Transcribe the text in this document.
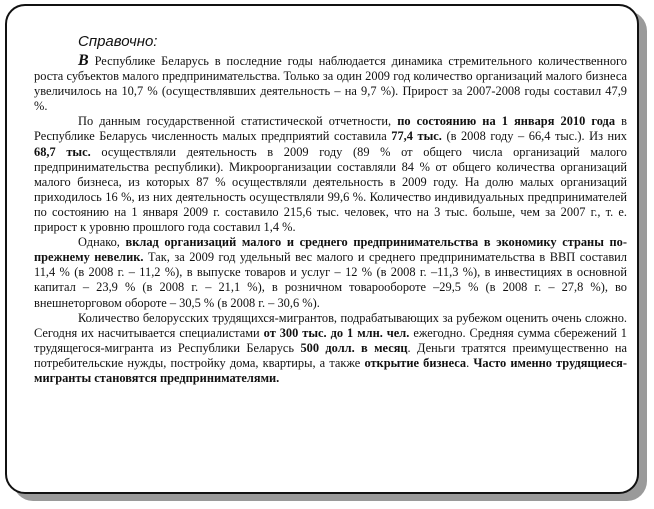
Справочно:

В Республике Беларусь в последние годы наблюдается динамика стремительного количественного роста субъектов малого предпринимательства. Только за один 2009 год количество организаций малого бизнеса увеличилось на 10,7 % (осуществлявших деятельность – на 9,7 %). Прирост за 2007-2008 годы составил 47,9 %.

По данным государственной статистической отчетности, по состоянию на 1 января 2010 года в Республике Беларусь численность малых предприятий составила 77,4 тыс. (в 2008 году – 66,4 тыс.). Из них 68,7 тыс. осуществляли деятельность в 2009 году (89 % от общего числа организаций малого предпринимательства республики). Микроорганизации составляли 84 % от общего количества организаций малого бизнеса, из которых 87 % осуществляли деятельность в 2009 году. На долю малых организаций приходилось 16 %, из них деятельность осуществляли 99,6 %. Количество индивидуальных предпринимателей по состоянию на 1 января 2009 г. составило 215,6 тыс. человек, что на 3 тыс. больше, чем за 2007 г., т. е. прирост к уровню прошлого года составил 1,4 %.

Однако, вклад организаций малого и среднего предпринимательства в экономику страны по-прежнему невелик. Так, за 2009 год удельный вес малого и среднего предпринимательства в ВВП составил 11,4 % (в 2008 г. – 11,2 %), в выпуске товаров и услуг – 12 % (в 2008 г. –11,3 %), в инвестициях в основной капитал – 23,9 % (в 2008 г. – 21,1 %), в розничном товарообороте –29,5 % (в 2008 г. – 27,8 %), во внешнеторговом обороте – 30,5 % (в 2008 г. – 30,6 %).

Количество белорусских трудящихся-мигрантов, подрабатывающих за рубежом оценить очень сложно. Сегодня их насчитывается специалистами от 300 тыс. до 1 млн. чел. ежегодно. Средняя сумма сбережений 1 трудящегося-мигранта из Республики Беларусь 500 долл. в месяц. Деньги тратятся преимущественно на потребительские нужды, постройку дома, квартиры, а также открытие бизнеса. Часто именно трудящиеся-мигранты становятся предпринимателями.
